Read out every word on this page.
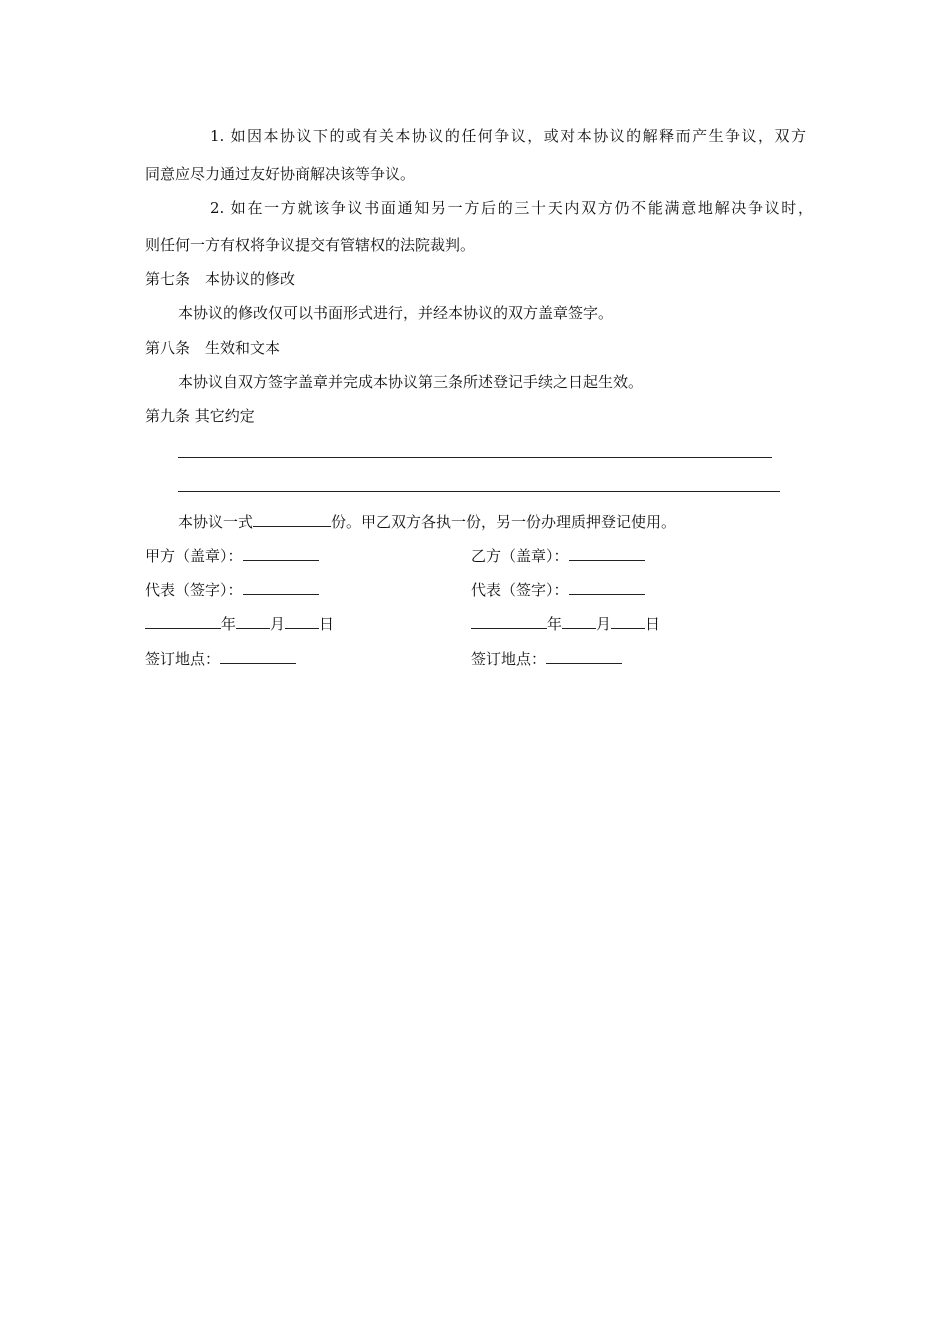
1. 如因本协议下的或有关本协议的任何争议，或对本协议的解释而产生争议，双方
同意应尽力通过友好协商解决该等争议。
2. 如在一方就该争议书面通知另一方后的三十天内双方仍不能满意地解决争议时，
则任何一方有权将争议提交有管辖权的法院裁判。
第七条　本协议的修改
本协议的修改仅可以书面形式进行，并经本协议的双方盖章签字。
第八条　生效和文本
本协议自双方签字盖章并完成本协议第三条所述登记手续之日起生效。
第九条 其它约定
本协议一式	份。甲乙双方各执一份，另一份办理质押登记使用。
甲方（盖章）：	乙方（盖章）：
代表（签字）：	代表（签字）：
年 月 日	年 月 日
签订地点：	签订地点：
